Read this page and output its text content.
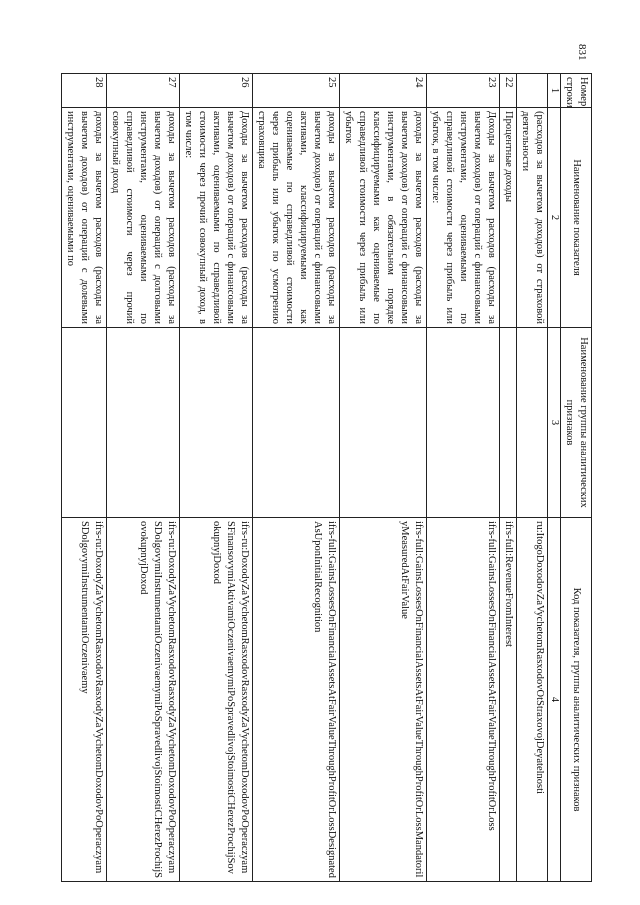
831
Номер строки	Наименование показателя	Наименование группы аналитических признаков	Код показателя, группы аналитических признаков
1	2	3	4
	(расходов за вычетом доходов) от страховой деятельности		ru:ItogoDoxodovZaVychetomRasxodovOtStraxovojDeyatelnosti
22	Процентные доходы		ifrs-full:RevenueFromInterest
23	Доходы за вычетом расходов (расходы за вычетом доходов) от операций с финансовыми инструментами, оцениваемыми по справедливой стоимости через прибыль или убыток, в том числе:		ifrs-full:GainsLossesOnFinancialAssetsAtFairValueThroughProfitOrLoss
24	доходы за вычетом расходов (расходы за вычетом доходов) от операций с финансовыми инструментами, в обязательном порядке классифицируемыми как оцениваемые по справедливой стоимости через прибыль или убыток		ifrs-full:GainsLossesOnFinancialAssetsAtFairValueThroughProfitOrLossMandatorilyMeasuredAtFairValue
25	доходы за вычетом расходов (расходы за вычетом доходов) от операций с финансовыми активами, классифицируемыми как оцениваемые по справедливой стоимости через прибыль или убыток по усмотрению страховщика		ifrs-full:GainsLossesOnFinancialAssetsAtFairValueThroughProfitOrLossDesignatedAsUponInitialRecognition
26	Доходы за вычетом расходов (расходы за вычетом доходов) от операций с финансовыми активами, оцениваемыми по справедливой стоимости через прочий совокупный доход, в том числе:		ifrs-ru:DoxodyZaVychetomRasxodovRasxodyZaVychetomDoxodovPoOperaczyamSFinansovymiAktivamiOczenivaemymiPoSpravedlivojStoimostiCHerezProchijSovokupnyjDoxod
27	доходы за вычетом расходов (расходы за вычетом доходов) от операций с долговыми инструментами, оцениваемыми по справедливой стоимости через прочий совокупный доход		ifrs-ru:DoxodyZaVychetomRasxodovRasxodyZaVychetomDoxodovPoOperaczyamSDolgovymiInstrumentamiOczenivaemymiPoSpravedlivojStoimostiCHerezProchijSovokupnyjDoxod
28	доходы за вычетом расходов (расходы за вычетом доходов) от операций с долевыми инструментами, оцениваемыми по		ifrs-ru:DoxodyZaVychetomRasxodovRasxodyZaVychetomDoxodovPoOperaczyamSDolgovymiInstrumentamiOczenivaemy
